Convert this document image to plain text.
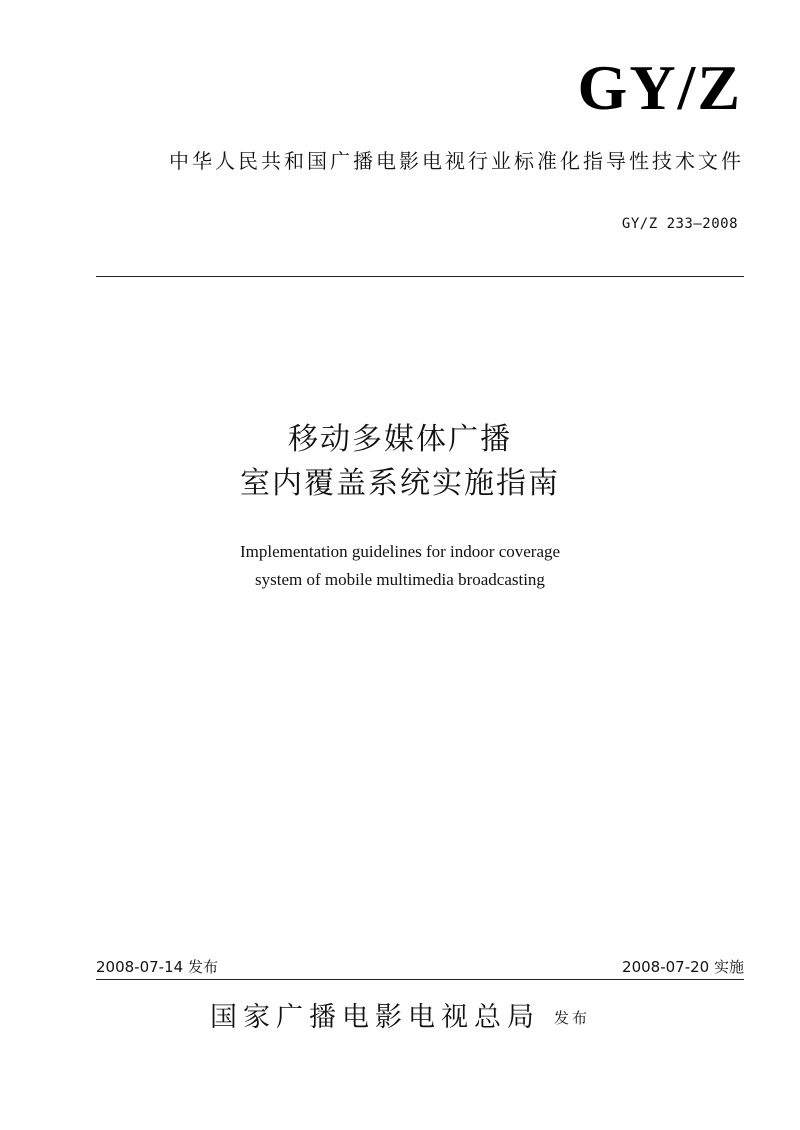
GY/Z
中华人民共和国广播电影电视行业标准化指导性技术文件
GY/Z 233—2008
移动多媒体广播
室内覆盖系统实施指南
Implementation guidelines for indoor coverage
system of mobile multimedia broadcasting
2008-07-14 发布	2008-07-20 实施
国家广播电影电视总局 发布
